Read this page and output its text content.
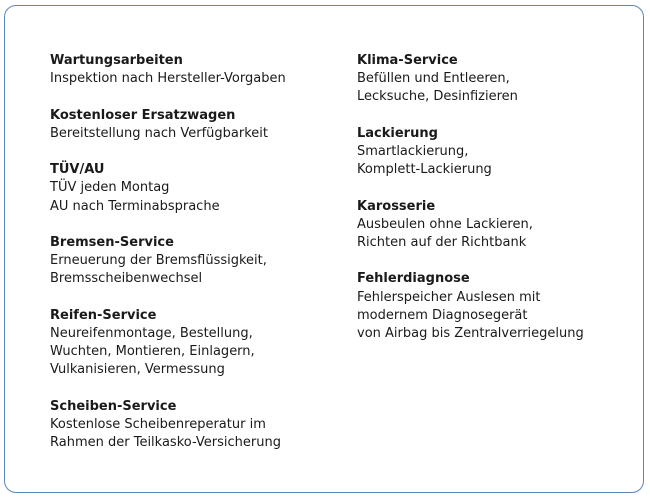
Wartungsarbeiten
Inspektion nach Hersteller-Vorgaben
Kostenloser Ersatzwagen
Bereitstellung nach Verfügbarkeit
TÜV/AU
TÜV jeden Montag
AU nach Terminabsprache
Bremsen-Service
Erneuerung der Bremsflüssigkeit,
Bremsscheibenwechsel
Reifen-Service
Neureifenmontage, Bestellung,
Wuchten, Montieren, Einlagern,
Vulkanisieren, Vermessung
Scheiben-Service
Kostenlose Scheibenreperatur im
Rahmen der Teilkasko-Versicherung
Klima-Service
Befüllen und Entleeren,
Lecksuche, Desinfizieren
Lackierung
Smartlackierung,
Komplett-Lackierung
Karosserie
Ausbeulen ohne Lackieren,
Richten auf der Richtbank
Fehlerdiagnose
Fehlerspeicher Auslesen mit
modernem Diagnosegerät
von Airbag bis Zentralverriegelung
